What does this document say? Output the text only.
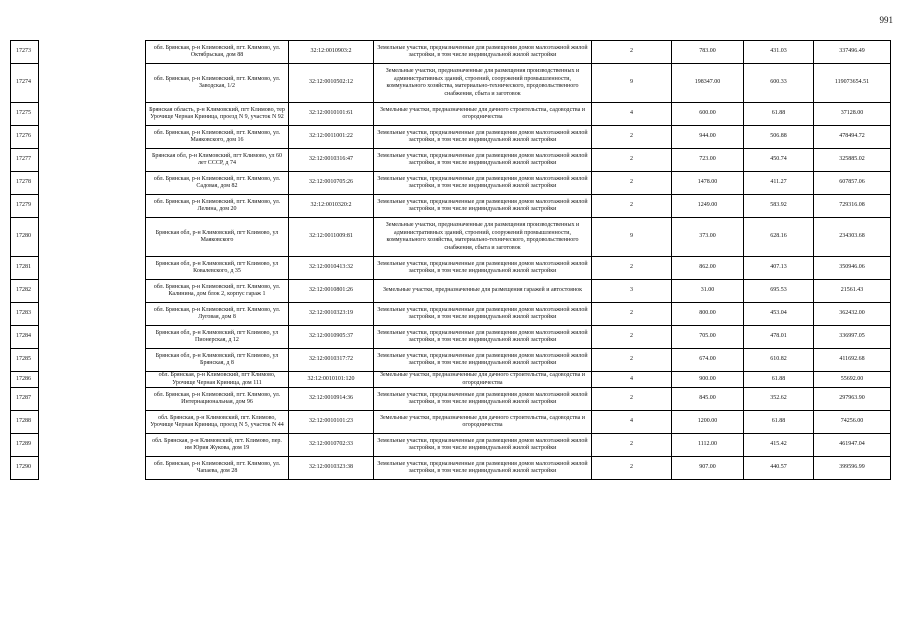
991
17273		обл. Брянская, р-н Климовский, пгт. Климово, ул. Октябрьская, дом 88	32:12:0010903:2	Земельные участки, предназначенные для размещения домов малоэтажной жилой застройки, в том числе индивидуальной жилой застройки	2	783.00	431.03	337496.49
17274		обл. Брянская, р-н Климовский, пгт. Климово, ул. Заводская, 1/2	32:12:0010502:12	Земельные участки, предназначенные для размещения производственных и административных зданий, строений, сооружений промышленности, коммунального хозяйства, материально-технического, продовольственного снабжения, сбыта и заготовок	9	198347.00	600.33	119073654.51
17275		Брянская область, р-н Климовский, пгт Климово, тер Урочище Черная Криница, проезд N 9, участок N 92	32:12:0010101:61	Земельные участки, предназначенные для дачного строительства, садоводства и огородничества	4	600.00	61.88	37128.00
17276		обл. Брянская, р-н Климовский, пгт. Климово, ул. Маяковского, дом 16	32:12:0011001:22	Земельные участки, предназначенные для размещения домов малоэтажной жилой застройки, в том числе индивидуальной жилой застройки	2	944.00	506.88	478494.72
17277		Брянская обл, р-н Климовский, пгт Климово, ул 60 лет СССР, д 74	32:12:0010316:47	Земельные участки, предназначенные для размещения домов малоэтажной жилой застройки, в том числе индивидуальной жилой застройки	2	723.00	450.74	325885.02
17278		обл. Брянская, р-н Климовский, пгт. Климово, ул. Садовая, дом 82	32:12:0010705:26	Земельные участки, предназначенные для размещения домов малоэтажной жилой застройки, в том числе индивидуальной жилой застройки	2	1478.00	411.27	607857.06
17279		обл. Брянская, р-н Климовский, пгт. Климово, ул. Лелина, дом 20	32:12:0010320:2	Земельные участки, предназначенные для размещения домов малоэтажной жилой застройки, в том числе индивидуальной жилой застройки	2	1249.00	583.92	729316.08
17280		Брянская обл, р-н Климовский, пгт Климово, ул Маяковского	32:12:0011009:81	Земельные участки, предназначенные для размещения производственных и административных зданий, строений, сооружений промышленности, коммунального хозяйства, материально-технического, продовольственного снабжения, сбыта и заготовок	9	373.00	628.16	234303.68
17281		Брянская обл, р-н Климовский, пгт Климово, ул Ковалевского, д 35	32:12:0010413:32	Земельные участки, предназначенные для размещения домов малоэтажной жилой застройки, в том числе индивидуальной жилой застройки	2	862.00	407.13	350946.06
17282		обл. Брянская, р-н Климовский, пгт. Климово, ул. Калинина, дом блок 2, корпус гараж 1	32:12:0010801:26	Земельные участки, предназначенные для размещения гаражей и автостоянок	3	31.00	695.53	21561.43
17283		обл. Брянская, р-н Климовский, пгт. Климово, ул. Луговая, дом 8	32:12:0010323:19	Земельные участки, предназначенные для размещения домов малоэтажной жилой застройки, в том числе индивидуальной жилой застройки	2	800.00	453.04	362432.00
17284		Брянская обл, р-н Климовский, пгт Климово, ул Пионерская, д 12	32:12:0010905:37	Земельные участки, предназначенные для размещения домов малоэтажной жилой застройки, в том числе индивидуальной жилой застройки	2	705.00	478.01	336997.05
17285		Брянская обл, р-н Климовский, пгт Климово, ул Брянская, д 8	32:12:0010317:72	Земельные участки, предназначенные для размещения домов малоэтажной жилой застройки, в том числе индивидуальной жилой застройки	2	674.00	610.82	411692.68
17286		обл. Брянская, р-н Климовский, пгт Климово, Урочище Черная Криница, дом 111	32:12:0010101:120	Земельные участки, предназначенные для дачного строительства, садоводства и огородничества	4	900.00	61.88	55692.00
17287		обл. Брянская, р-н Климовский, пгт. Климово, ул. Интернациональная, дом 96	32:12:0010914:36	Земельные участки, предназначенные для размещения домов малоэтажной жилой застройки, в том числе индивидуальной жилой застройки	2	845.00	352.62	297963.90
17288		обл. Брянская, р-н Климовский, пгт. Климово, Урочище Черная Криница, проезд N 5, участок N 44	32:12:0010101:23	Земельные участки, предназначенные для дачного строительства, садоводства и огородничества	4	1200.00	61.88	74256.00
17289		обл. Брянская, р-н Климовский, пгт. Климово, пер. им Юрия Жукова, дом 19	32:12:0010702:33	Земельные участки, предназначенные для размещения домов малоэтажной жилой застройки, в том числе индивидуальной жилой застройки	2	1112.00	415.42	461947.04
17290		обл. Брянская, р-н Климовский, пгт. Климово, ул. Чапаева, дом 28	32:12:0010323:38	Земельные участки, предназначенные для размещения домов малоэтажной жилой застройки, в том числе индивидуальной жилой застройки	2	907.00	440.57	399596.99
